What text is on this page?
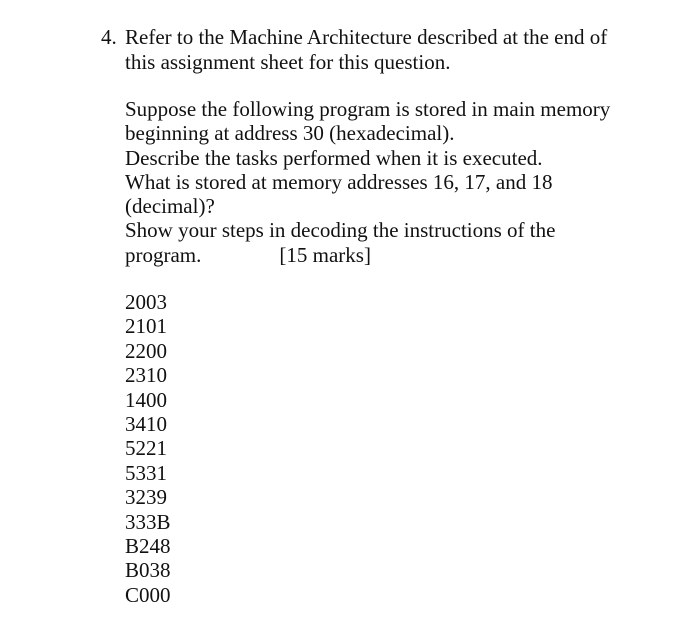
4. Refer to the Machine Architecture described at the end of
this assignment sheet for this question.
Suppose the following program is stored in main memory
beginning at address 30 (hexadecimal).
Describe the tasks performed when it is executed.
What is stored at memory addresses 16, 17, and 18
(decimal)?
Show your steps in decoding the instructions of the
program.	[15 marks]
2003
2101
2200
2310
1400
3410
5221
5331
3239
333B
B248
B038
C000
